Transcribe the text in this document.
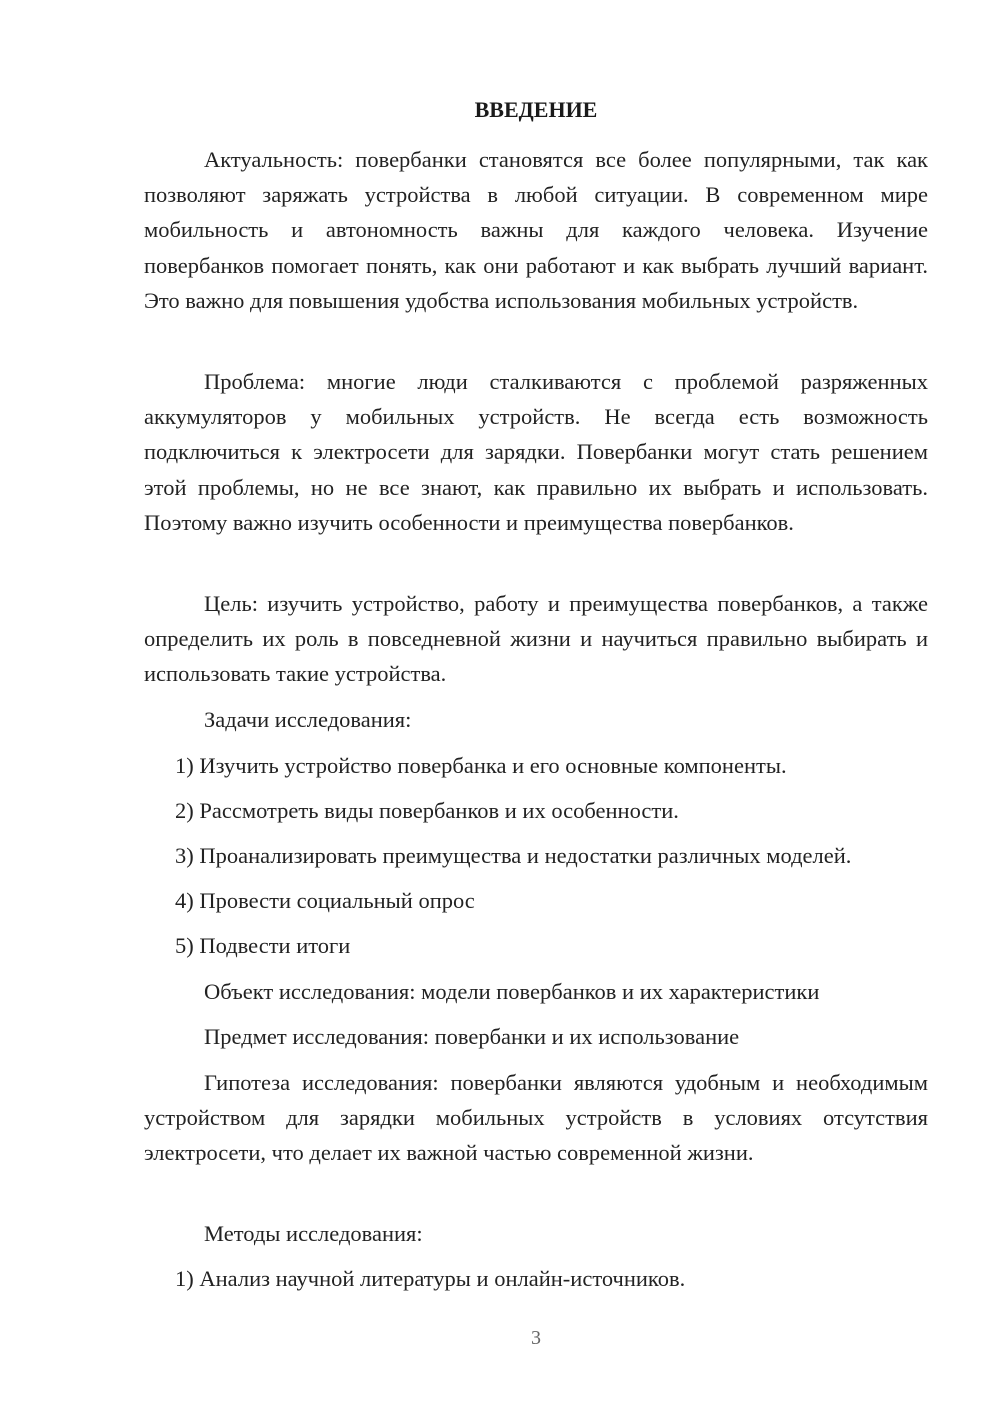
ВВЕДЕНИЕ

Актуальность: повербанки становятся все более популярными, так как позволяют заряжать устройства в любой ситуации. В современном мире мобильность и автономность важны для каждого человека. Изучение повербанков помогает понять, как они работают и как выбрать лучший вариант. Это важно для повышения удобства использования мобильных устройств.

Проблема: многие люди сталкиваются с проблемой разряженных аккумуляторов у мобильных устройств. Не всегда есть возможность подключиться к электросети для зарядки. Повербанки могут стать решением этой проблемы, но не все знают, как правильно их выбрать и использовать. Поэтому важно изучить особенности и преимущества повербанков.

Цель: изучить устройство, работу и преимущества повербанков, а также определить их роль в повседневной жизни и научиться правильно выбирать и использовать такие устройства.

Задачи исследования:

1) Изучить устройство повербанка и его основные компоненты.

2) Рассмотреть виды повербанков и их особенности.

3) Проанализировать преимущества и недостатки различных моделей.

4) Провести социальный опрос

5) Подвести итоги

Объект исследования: модели повербанков и их характеристики

Предмет исследования: повербанки и их использование

Гипотеза исследования: повербанки являются удобным и необходимым устройством для зарядки мобильных устройств в условиях отсутствия электросети, что делает их важной частью современной жизни.

Методы исследования:

1) Анализ научной литературы и онлайн-источников.

3
